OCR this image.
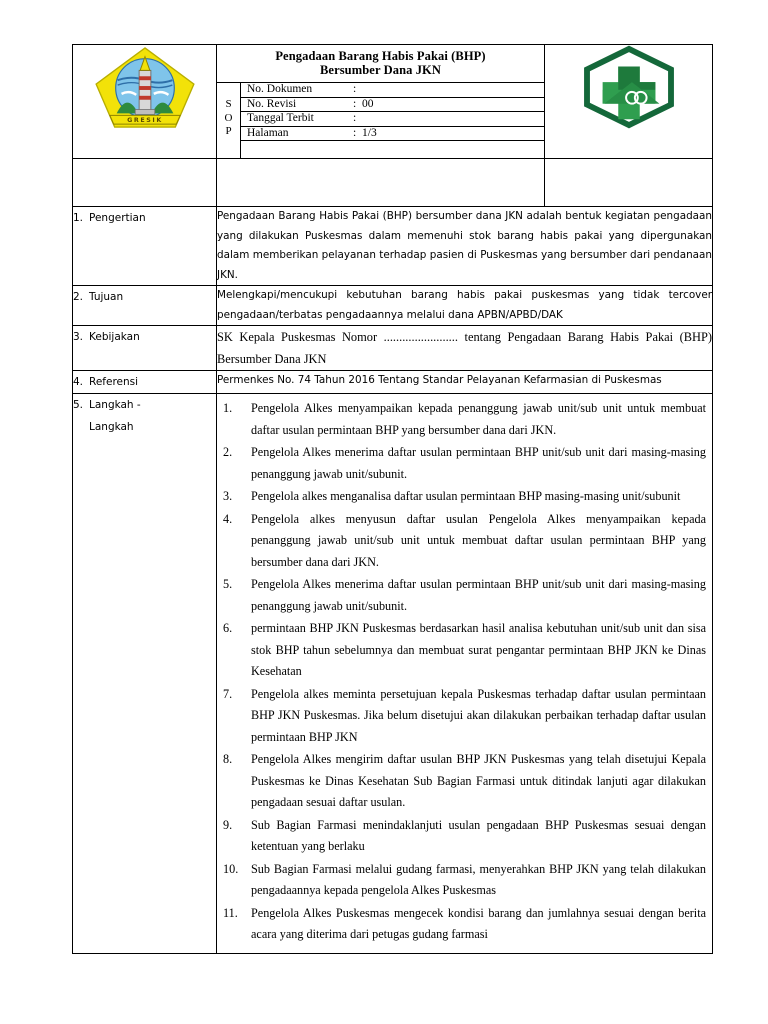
GRESIK

Pengadaan Barang Habis Pakai (BHP)
Bersumber Dana JKN
S
O
P
No. Dokumen	:
No. Revisi	: 00
Tanggal Terbit	:
Halaman	: 1/3

1. Pengertian	Pengadaan Barang Habis Pakai (BHP) bersumber dana JKN adalah bentuk kegiatan pengadaan yang dilakukan Puskesmas dalam memenuhi stok barang habis pakai yang dipergunakan dalam memberikan pelayanan terhadap pasien di Puskesmas yang bersumber dari pendanaan JKN.	

2. Tujuan	Melengkapi/mencukupi kebutuhan barang habis pakai puskesmas yang tidak tercover pengadaan/terbatas pengadaannya melalui dana APBN/APBD/DAK	

3. Kebijakan	SK Kepala Puskesmas Nomor ........................ tentang Pengadaan Barang Habis Pakai (BHP) Bersumber Dana JKN	

4. Referensi	Permenkes No. 74 Tahun 2016 Tentang Standar Pelayanan Kefarmasian di Puskesmas	

5. Langkah -
Langkah

Pengelola Alkes menyampaikan kepada penanggung jawab unit/sub unit untuk membuat daftar usulan permintaan BHP yang bersumber dana dari JKN.
Pengelola Alkes menerima daftar usulan permintaan BHP unit/sub unit dari masing-masing penanggung jawab unit/subunit.
Pengelola alkes menganalisa daftar usulan permintaan BHP masing-masing unit/subunit
Pengelola alkes menyusun daftar usulan Pengelola Alkes menyampaikan kepada penanggung jawab unit/sub unit untuk membuat daftar usulan permintaan BHP yang bersumber dana dari JKN.
Pengelola Alkes menerima daftar usulan permintaan BHP unit/sub unit dari masing-masing penanggung jawab unit/subunit.
permintaan BHP JKN Puskesmas berdasarkan hasil analisa kebutuhan unit/sub unit dan sisa stok BHP tahun sebelumnya dan membuat surat pengantar permintaan BHP JKN ke Dinas Kesehatan
Pengelola alkes meminta persetujuan kepala Puskesmas terhadap daftar usulan permintaan BHP JKN Puskesmas. Jika belum disetujui akan dilakukan perbaikan terhadap daftar usulan permintaan BHP JKN
Pengelola Alkes mengirim daftar usulan BHP JKN Puskesmas yang telah disetujui Kepala Puskesmas ke Dinas Kesehatan Sub Bagian Farmasi untuk ditindak lanjuti agar dilakukan pengadaan sesuai daftar usulan.
Sub Bagian Farmasi menindaklanjuti usulan pengadaan BHP Puskesmas sesuai dengan ketentuan yang berlaku
Sub Bagian Farmasi melalui gudang farmasi, menyerahkan BHP JKN yang telah dilakukan pengadaannya kepada pengelola Alkes Puskesmas
Pengelola Alkes Puskesmas mengecek kondisi barang dan jumlahnya sesuai dengan berita acara yang diterima dari petugas gudang farmasi
